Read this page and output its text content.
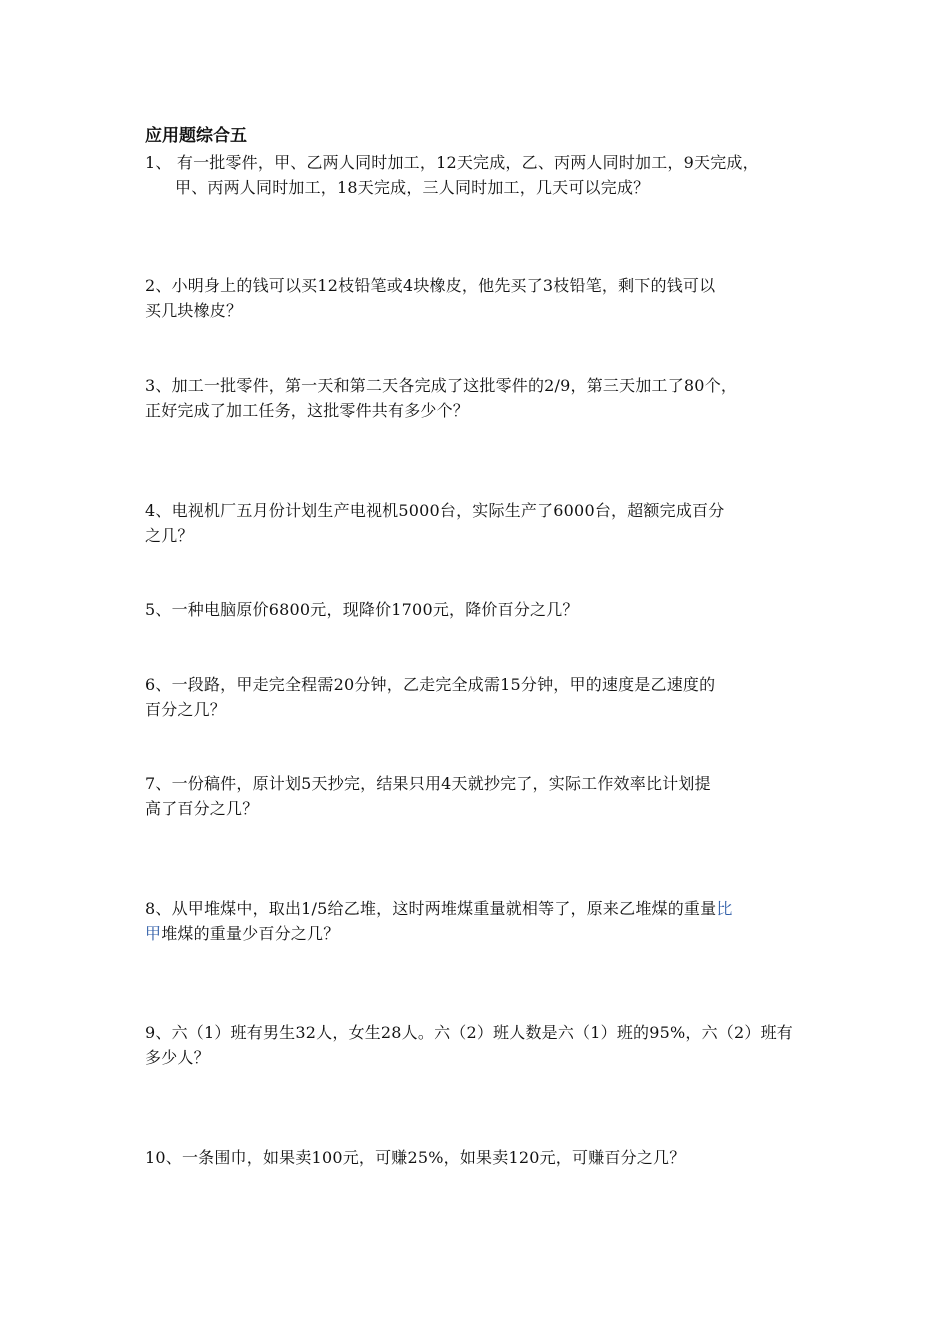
应用题综合五
1、 有一批零件，甲、乙两人同时加工，12天完成，乙、丙两人同时加工，9天完成，
甲、丙两人同时加工，18天完成，三人同时加工，几天可以完成？
2、小明身上的钱可以买12枝铅笔或4块橡皮，他先买了3枝铅笔，剩下的钱可以
买几块橡皮？
3、加工一批零件，第一天和第二天各完成了这批零件的2/9，第三天加工了80个，
正好完成了加工任务，这批零件共有多少个？
4、电视机厂五月份计划生产电视机5000台，实际生产了6000台，超额完成百分
之几？
5、一种电脑原价6800元，现降价1700元，降价百分之几？
6、一段路，甲走完全程需20分钟，乙走完全成需15分钟，甲的速度是乙速度的
百分之几？
7、一份稿件，原计划5天抄完，结果只用4天就抄完了，实际工作效率比计划提
高了百分之几？
8、从甲堆煤中，取出1/5给乙堆，这时两堆煤重量就相等了，原来乙堆煤的重量比
甲堆煤的重量少百分之几？
9、六（1）班有男生32人，女生28人。六（2）班人数是六（1）班的95%，六（2）班有
多少人？
10、一条围巾，如果卖100元，可赚25%，如果卖120元，可赚百分之几？
